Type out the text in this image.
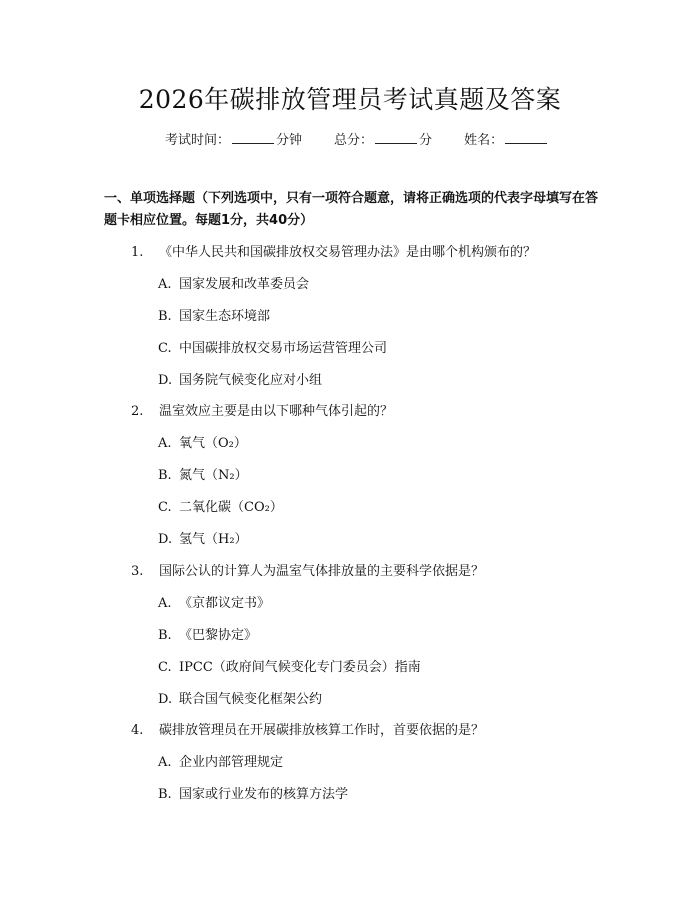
2026年碳排放管理员考试真题及答案
考试时间：	分钟 总分：	分 姓名：
一、单项选择题（下列选项中，只有一项符合题意，请将正确选项的代表字母填写在答题卡相应位置。每题1分，共40分）
1. 《中华人民共和国碳排放权交易管理办法》是由哪个机构颁布的？
A. 国家发展和改革委员会
B. 国家生态环境部
C. 中国碳排放权交易市场运营管理公司
D. 国务院气候变化应对小组
2. 温室效应主要是由以下哪种气体引起的？
A. 氧气（O₂）
B. 氮气（N₂）
C. 二氧化碳（CO₂）
D. 氢气（H₂）
3. 国际公认的计算人为温室气体排放量的主要科学依据是？
A. 《京都议定书》
B. 《巴黎协定》
C. IPCC（政府间气候变化专门委员会）指南
D. 联合国气候变化框架公约
4. 碳排放管理员在开展碳排放核算工作时，首要依据的是？
A. 企业内部管理规定
B. 国家或行业发布的核算方法学
